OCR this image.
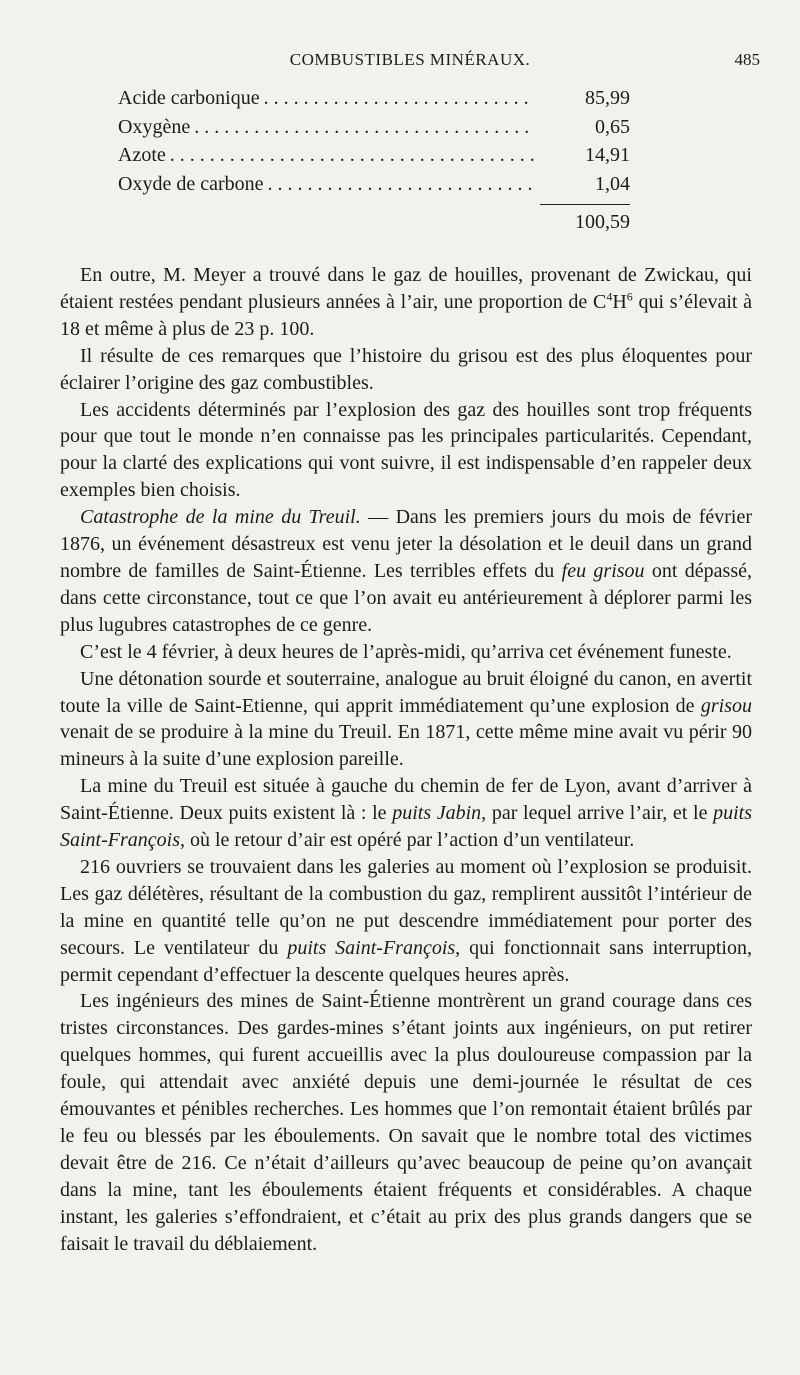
COMBUSTIBLES MINÉRAUX.	485
Acide carbonique . . .	85,99
Oxygène . . .	0,65
Azote . . .	14,91
Oxyde de carbone . . .	1,04
100,59

En outre, M. Meyer a trouvé dans le gaz de houilles, provenant de Zwickau, qui étaient restées pendant plusieurs années à l’air, une proportion de $C^4H^6$ qui s’élevait à 18 et même à plus de 23 p. 100.

Il résulte de ces remarques que l’histoire du grisou est des plus éloquentes pour éclairer l’origine des gaz combustibles.

Les accidents déterminés par l’explosion des gaz des houilles sont trop fréquents pour que tout le monde n’en connaisse pas les principales particularités. Cependant, pour la clarté des explications qui vont suivre, il est indispensable d’en rappeler deux exemples bien choisis.

Catastrophe de la mine du Treuil. — Dans les premiers jours du mois de février 1876, un événement désastreux est venu jeter la désolation et le deuil dans un grand nombre de familles de Saint-Étienne. Les terribles effets du feu grisou ont dépassé, dans cette circonstance, tout ce que l’on avait eu antérieurement à déplorer parmi les plus lugubres catastrophes de ce genre.

C’est le 4 février, à deux heures de l’après-midi, qu’arriva cet événement funeste.

Une détonation sourde et souterraine, analogue au bruit éloigné du canon, en avertit toute la ville de Saint-Etienne, qui apprit immédiatement qu’une explosion de grisou venait de se produire à la mine du Treuil. En 1871, cette même mine avait vu périr 90 mineurs à la suite d’une explosion pareille.

La mine du Treuil est située à gauche du chemin de fer de Lyon, avant d’arriver à Saint-Étienne. Deux puits existent là : le puits Jabin, par lequel arrive l’air, et le puits Saint-François, où le retour d’air est opéré par l’action d’un ventilateur.

216 ouvriers se trouvaient dans les galeries au moment où l’explosion se produisit. Les gaz délétères, résultant de la combustion du gaz, remplirent aussitôt l’intérieur de la mine en quantité telle qu’on ne put descendre immédiatement pour porter des secours. Le ventilateur du puits Saint-François, qui fonctionnait sans interruption, permit cependant d’effectuer la descente quelques heures après.

Les ingénieurs des mines de Saint-Étienne montrèrent un grand courage dans ces tristes circonstances. Des gardes-mines s’étant joints aux ingénieurs, on put retirer quelques hommes, qui furent accueillis avec la plus douloureuse compassion par la foule, qui attendait avec anxiété depuis une demi-journée le résultat de ces émouvantes et pénibles recherches. Les hommes que l’on remontait étaient brûlés par le feu ou blessés par les éboulements. On savait que le nombre total des victimes devait être de 216. Ce n’était d’ailleurs qu’avec beaucoup de peine qu’on avançait dans la mine, tant les éboulements étaient fréquents et considérables. A chaque instant, les galeries s’effondraient, et c’était au prix des plus grands dangers que se faisait le travail du déblaiement.
